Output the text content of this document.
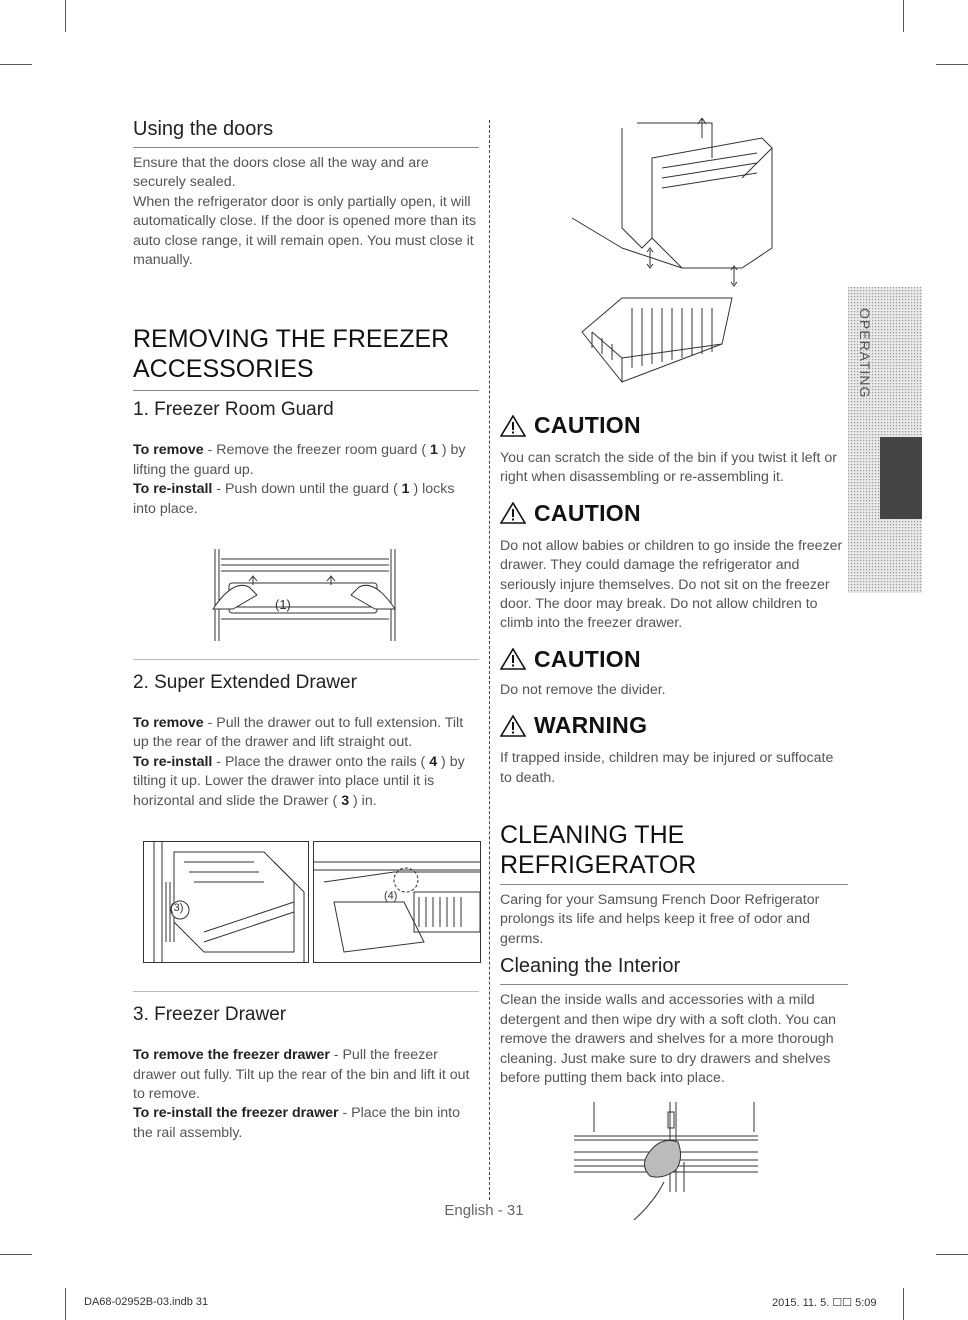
Using the doors

Ensure that the doors close all the way and are securely sealed.

When the refrigerator door is only partially open, it will automatically close. If the door is opened more than its auto close range, it will remain open. You must close it manually.

REMOVING THE FREEZER
ACCESSORIES
1. Freezer Room Guard

To remove - Remove the freezer room guard ( 1 ) by lifting the guard up.

To re-install - Push down until the guard ( 1 ) locks into place.

(1)
2. Super Extended Drawer

To remove - Pull the drawer out to full extension. Tilt up the rear of the drawer and lift straight out.

To re-install - Place the drawer onto the rails ( 4 ) by tilting it up. Lower the drawer into place until it is horizontal and slide the Drawer ( 3 ) in.

(3)
(4)
3. Freezer Drawer

To remove the freezer drawer - Pull the freezer drawer out fully. Tilt up the rear of the bin and lift it out to remove.

To re-install the freezer drawer - Place the bin into the rail assembly.

CAUTION

You can scratch the side of the bin if you twist it left or right when disassembling or re-assembling it.

CAUTION

Do not allow babies or children to go inside the freezer drawer. They could damage the refrigerator and seriously injure themselves. Do not sit on the freezer door. The door may break. Do not allow children to climb into the freezer drawer.

CAUTION

Do not remove the divider.

WARNING

If trapped inside, children may be injured or suffocate to death.

CLEANING THE
REFRIGERATOR

Caring for your Samsung French Door Refrigerator prolongs its life and helps keep it free of odor and germs.

Cleaning the Interior

Clean the inside walls and accessories with a mild detergent and then wipe dry with a soft cloth. You can remove the drawers and shelves for a more thorough cleaning. Just make sure to dry drawers and shelves before putting them back into place.

OPERATING
English - 31
DA68-02952B-03.indb 31	2015. 11. 5. ☐☐ 5:09
